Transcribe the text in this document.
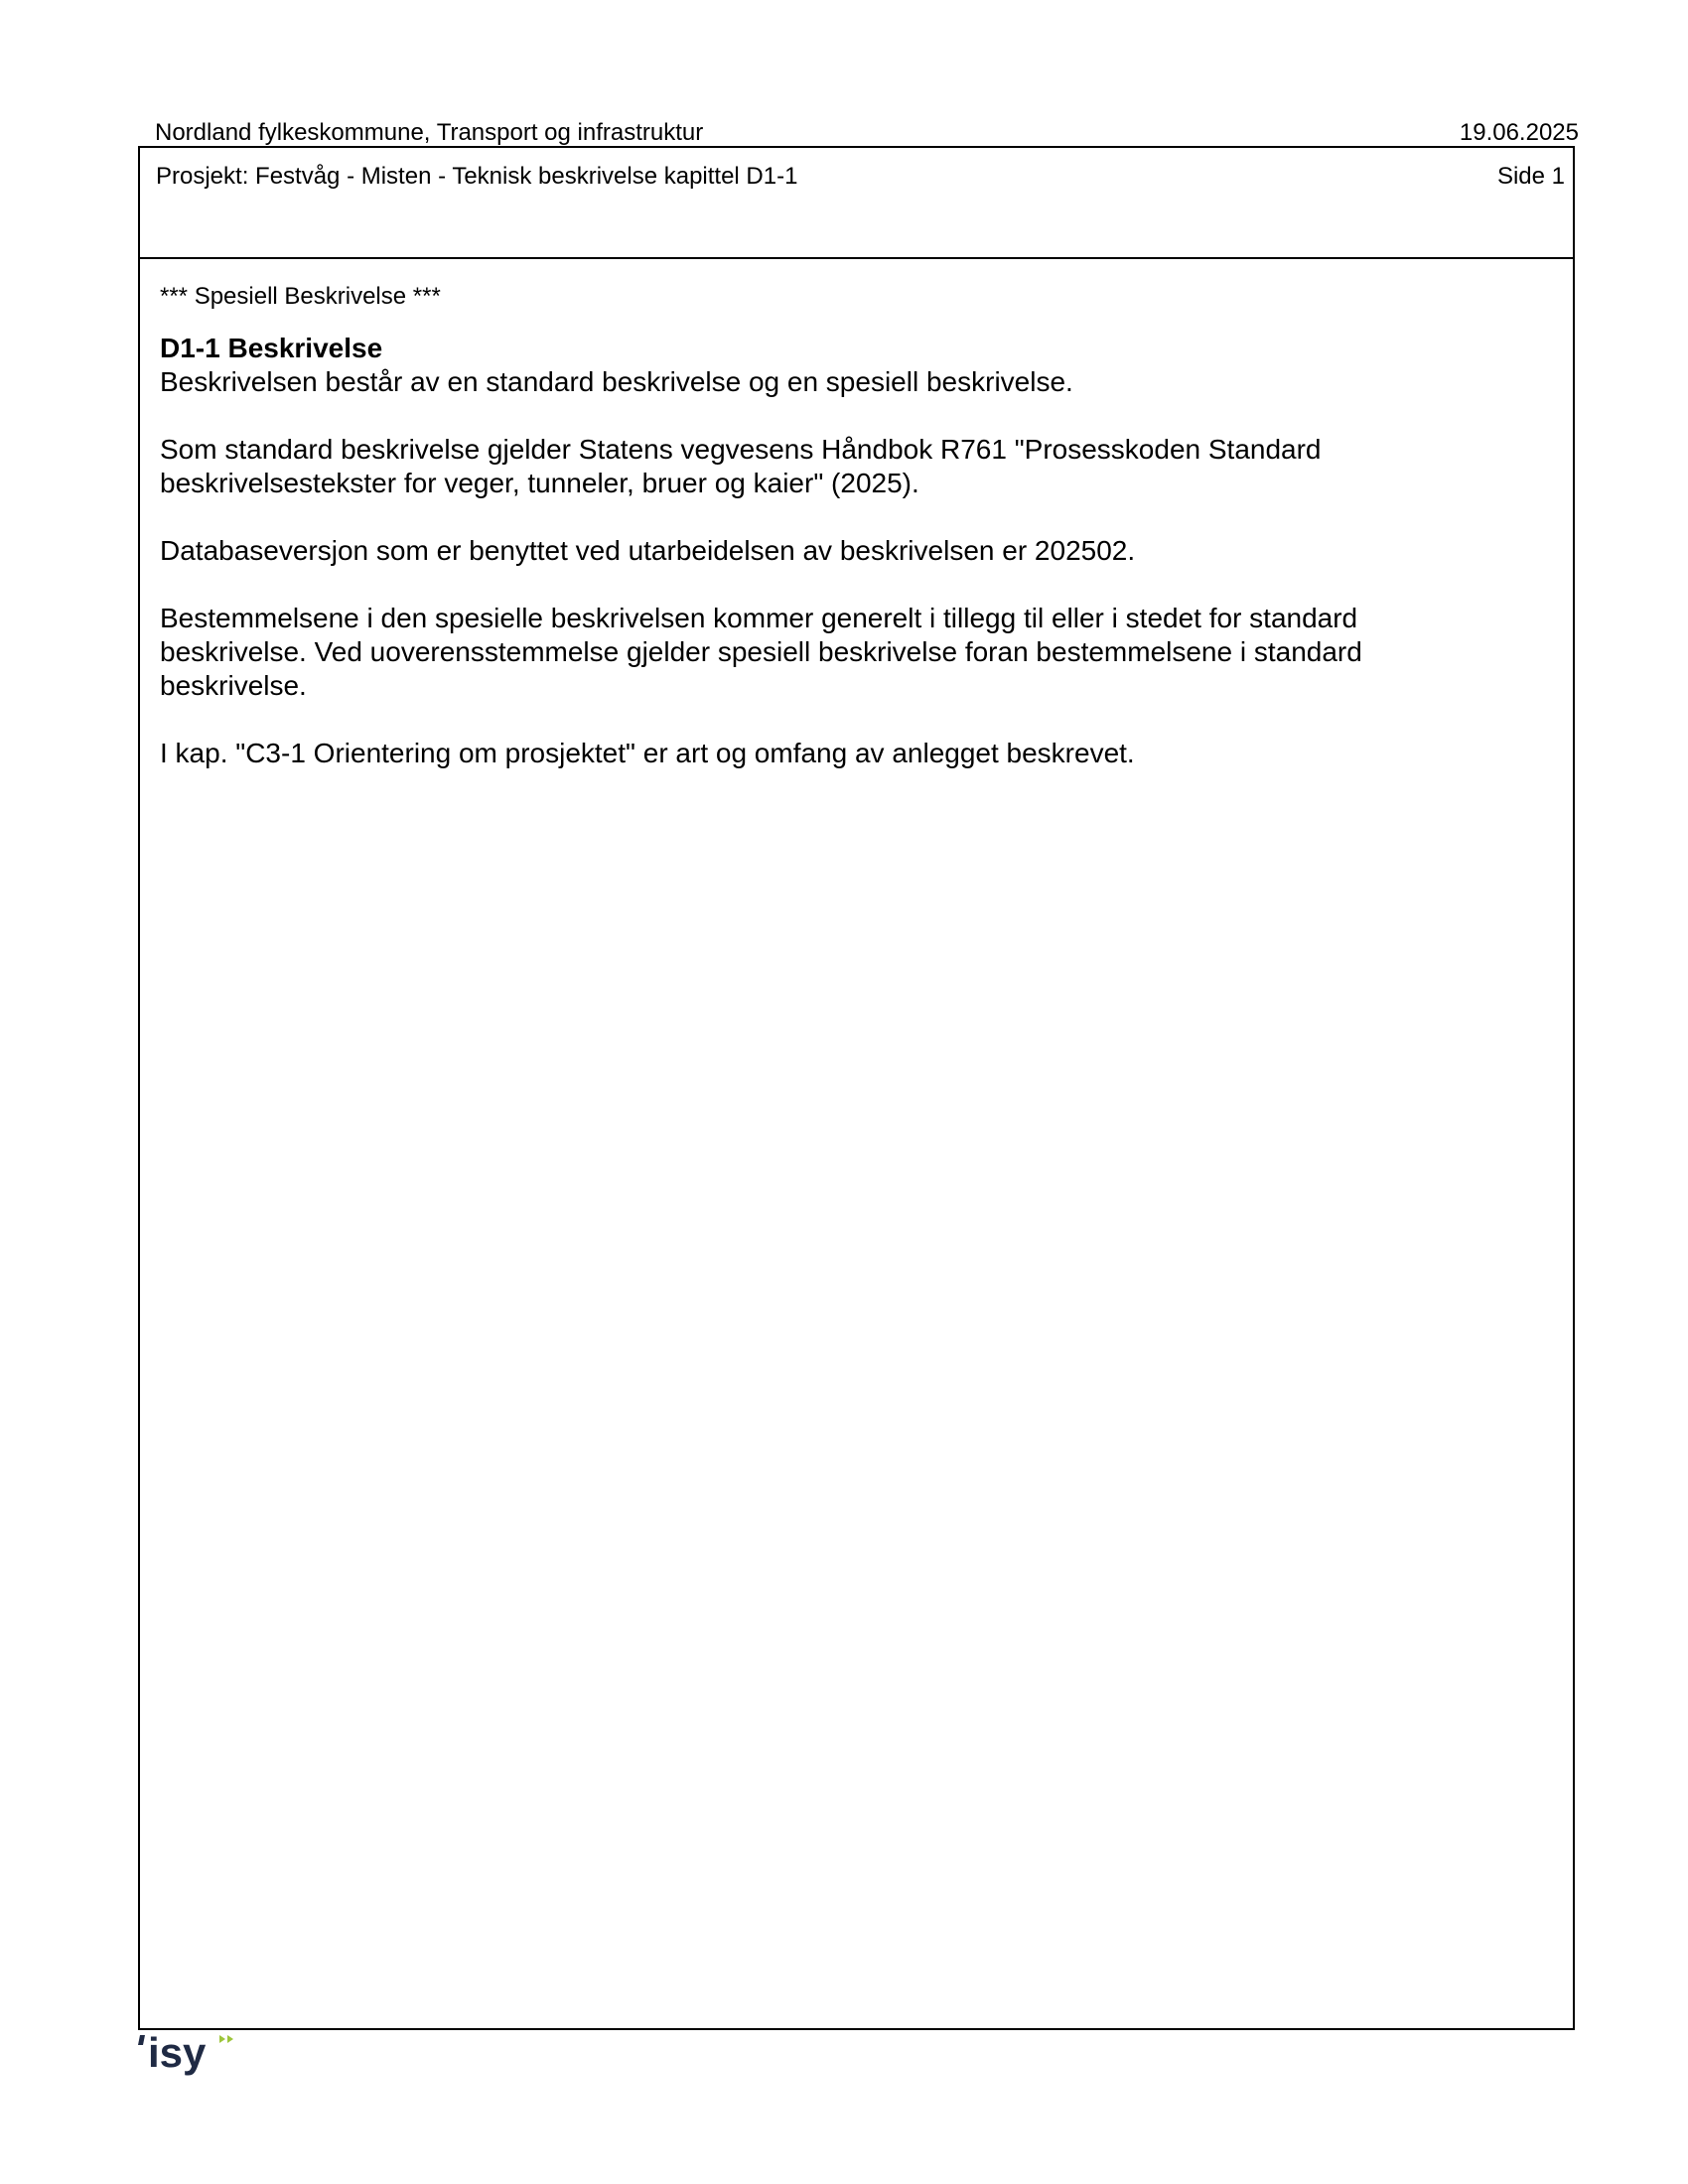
Nordland fylkeskommune, Transport og infrastruktur	19.06.2025
Prosjekt: Festvåg - Misten - Teknisk beskrivelse kapittel D1-1	Side 1
*** Spesiell Beskrivelse ***
D1-1 Beskrivelse

Beskrivelsen består av en standard beskrivelse og en spesiell beskrivelse.

Som standard beskrivelse gjelder Statens vegvesens Håndbok R761 "Prosesskoden Standard
beskrivelsestekster for veger, tunneler, bruer og kaier" (2025).

Databaseversjon som er benyttet ved utarbeidelsen av beskrivelsen er 202502.

Bestemmelsene i den spesielle beskrivelsen kommer generelt i tillegg til eller i stedet for standard
beskrivelse. Ved uoverensstemmelse gjelder spesiell beskrivelse foran bestemmelsene i standard
beskrivelse.

I kap. "C3-1 Orientering om prosjektet" er art og omfang av anlegget beskrevet.

isy
